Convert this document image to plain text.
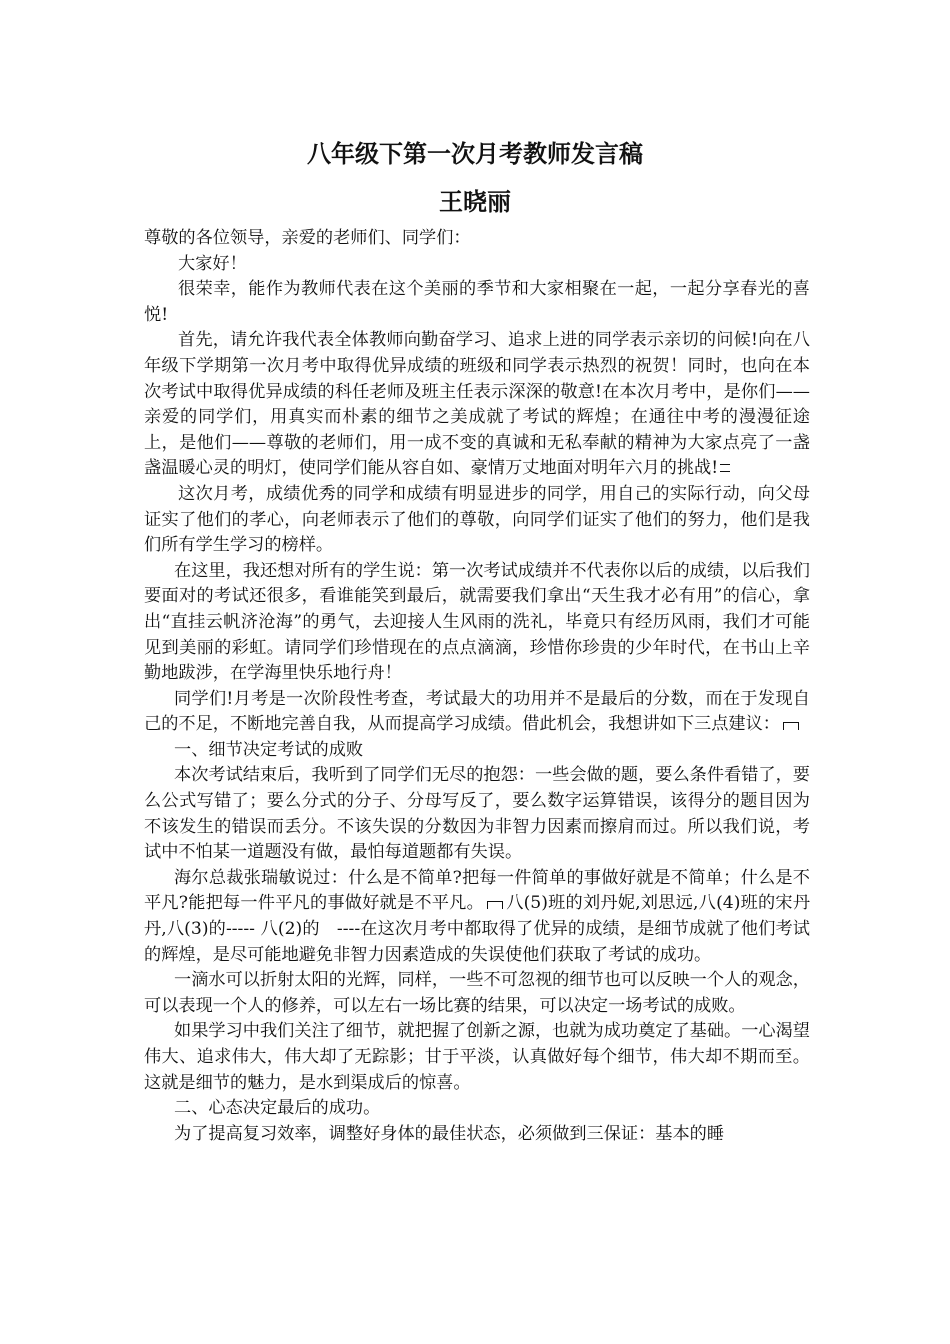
八年级下第一次月考教师发言稿
王晓丽

尊敬的各位领导，亲爱的老师们、同学们：

大家好！

很荣幸，能作为教师代表在这个美丽的季节和大家相聚在一起，一起分享春光的喜悦!

首先，请允许我代表全体教师向勤奋学习、追求上进的同学表示亲切的问候!向在八年级下学期第一次月考中取得优异成绩的班级和同学表示热烈的祝贺！同时，也向在本次考试中取得优异成绩的科任老师及班主任表示深深的敬意!在本次月考中，是你们——亲爱的同学们，用真实而朴素的细节之美成就了考试的辉煌；在通往中考的漫漫征途上，是他们——尊敬的老师们，用一成不变的真诚和无私奉献的精神为大家点亮了一盏盏温暖心灵的明灯，使同学们能从容自如、豪情万丈地面对明年六月的挑战!

这次月考，成绩优秀的同学和成绩有明显进步的同学，用自己的实际行动，向父母证实了他们的孝心，向老师表示了他们的尊敬，向同学们证实了他们的努力，他们是我们所有学生学习的榜样。

在这里，我还想对所有的学生说：第一次考试成绩并不代表你以后的成绩，以后我们要面对的考试还很多，看谁能笑到最后，就需要我们拿出“天生我才必有用”的信心，拿出“直挂云帆济沧海”的勇气，去迎接人生风雨的洗礼，毕竟只有经历风雨，我们才可能见到美丽的彩虹。请同学们珍惜现在的点点滴滴，珍惜你珍贵的少年时代，在书山上辛勤地跋涉，在学海里快乐地行舟！

同学们!月考是一次阶段性考查，考试最大的功用并不是最后的分数，而在于发现自己的不足，不断地完善自我，从而提高学习成绩。借此机会，我想讲如下三点建议：

一、细节决定考试的成败

本次考试结束后，我听到了同学们无尽的抱怨：一些会做的题，要么条件看错了，要么公式写错了；要么分式的分子、分母写反了，要么数字运算错误，该得分的题目因为不该发生的错误而丢分。不该失误的分数因为非智力因素而擦肩而过。所以我们说，考试中不怕某一道题没有做，最怕每道题都有失误。

海尔总裁张瑞敏说过：什么是不简单?把每一件简单的事做好就是不简单；什么是不平凡?能把每一件平凡的事做好就是不平凡。 八(5)班的刘丹妮,刘思远,八(4)班的宋丹丹,八(3)的----- 八(2)的　----在这次月考中都取得了优异的成绩，是细节成就了他们考试的辉煌，是尽可能地避免非智力因素造成的失误使他们获取了考试的成功。

一滴水可以折射太阳的光辉，同样，一些不可忽视的细节也可以反映一个人的观念，可以表现一个人的修养，可以左右一场比赛的结果，可以决定一场考试的成败。

如果学习中我们关注了细节，就把握了创新之源，也就为成功奠定了基础。一心渴望伟大、追求伟大，伟大却了无踪影；甘于平淡，认真做好每个细节，伟大却不期而至。这就是细节的魅力，是水到渠成后的惊喜。

二、心态决定最后的成功。

为了提高复习效率，调整好身体的最佳状态，必须做到三保证：基本的睡
